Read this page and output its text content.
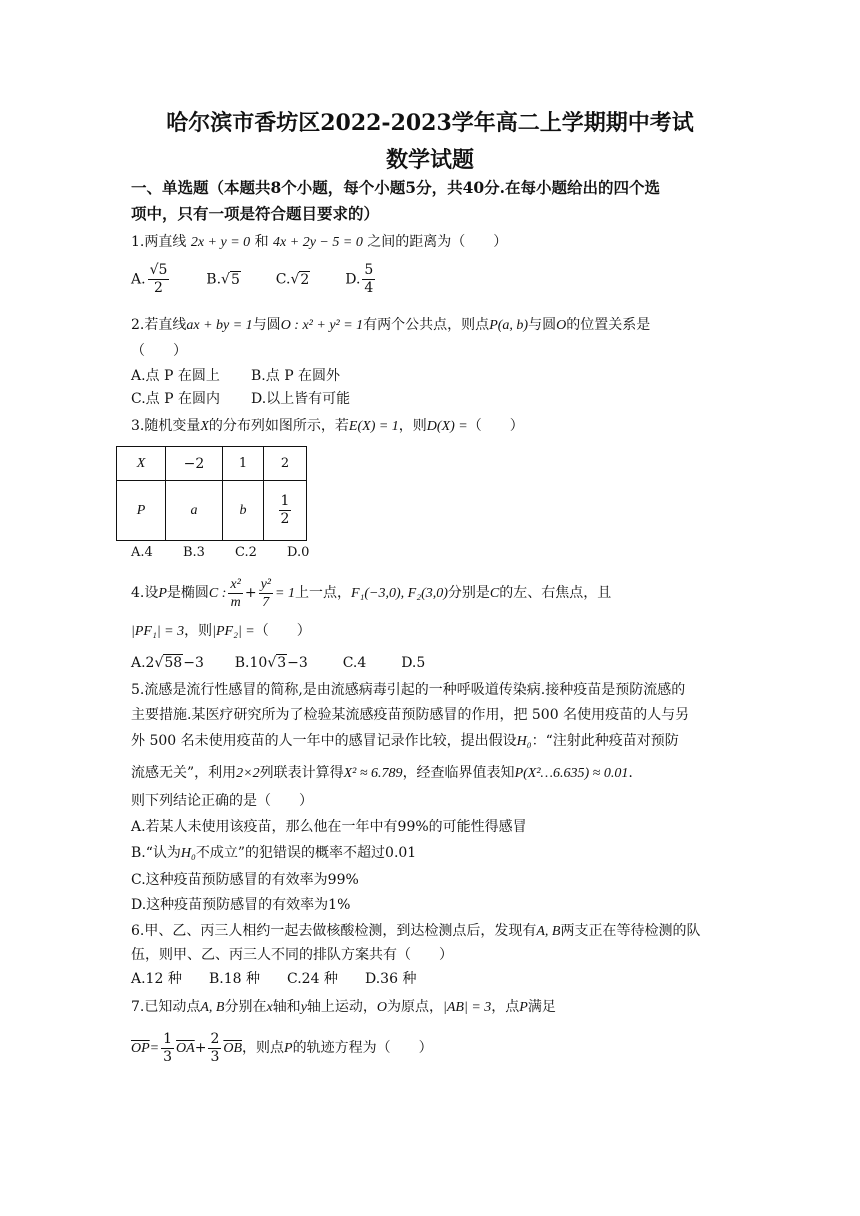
哈尔滨市香坊区2022-2023学年高二上学期期中考试
数学试题
一、单选题（本题共8个小题，每个小题5分，共40分.在每小题给出的四个选
项中，只有一项是符合题目要求的）
1.两直线 2x + y = 0 和 4x + 2y − 5 = 0 之间的距离为（　　）
A. $\frac{√5}{2}$	B.√5	C.√2	D. $\frac{5}{4}$
2.若直线ax + by = 1与圆O : x² + y² = 1有两个公共点，则点P(a, b)与圆O的位置关系是
（　　）
A.点 P 在圆上 B.点 P 在圆外
C.点 P 在圆内 D.以上皆有可能
3.随机变量X的分布列如图所示，若E(X) = 1，则D(X) =（　　）
X	−2	1	2
P	a	b	$\frac{1}{2}$
A.4 B.3 C.2 D.0
4.设P是椭圆C : $\frac{\text{x²}}{m} + \frac{\text{y²}}{7} = 1$上一点，F₁(−3,0), F₂(3,0)分别是C的左、右焦点，且
|PF₁| = 3，则|PF₂| =（　　）
A.2√58−3 B.10√3−3 C.4 D.5
5.流感是流行性感冒的简称,是由流感病毒引起的一种呼吸道传染病.接种疫苗是预防流感的
主要措施.某医疗研究所为了检验某流感疫苗预防感冒的作用，把 500 名使用疫苗的人与另
外 500 名未使用疫苗的人一年中的感冒记录作比较，提出假设H₀：“注射此种疫苗对预防
流感无关”，利用2×2列联表计算得X² ≈ 6.789，经查临界值表知P(X²…6.635) ≈ 0.01.
则下列结论正确的是（　　）
A.若某人未使用该疫苗，那么他在一年中有99%的可能性得感冒
B.“认为H₀不成立”的犯错误的概率不超过0.01
C.这种疫苗预防感冒的有效率为99%
D.这种疫苗预防感冒的有效率为1%
6.甲、乙、丙三人相约一起去做核酸检测，到达检测点后，发现有A, B两支正在等待检测的队
伍，则甲、乙、丙三人不同的排队方案共有（　　）
A.12 种 B.18 种 C.24 种 D.36 种
7.已知动点A, B分别在x轴和y轴上运动，O为原点，|AB| = 3，点P满足
$\overline{OP}= \frac{1}{3} \overline{OA}+ \frac{2}{3} \overline{OB}$，则点P的轨迹方程为（　　）
